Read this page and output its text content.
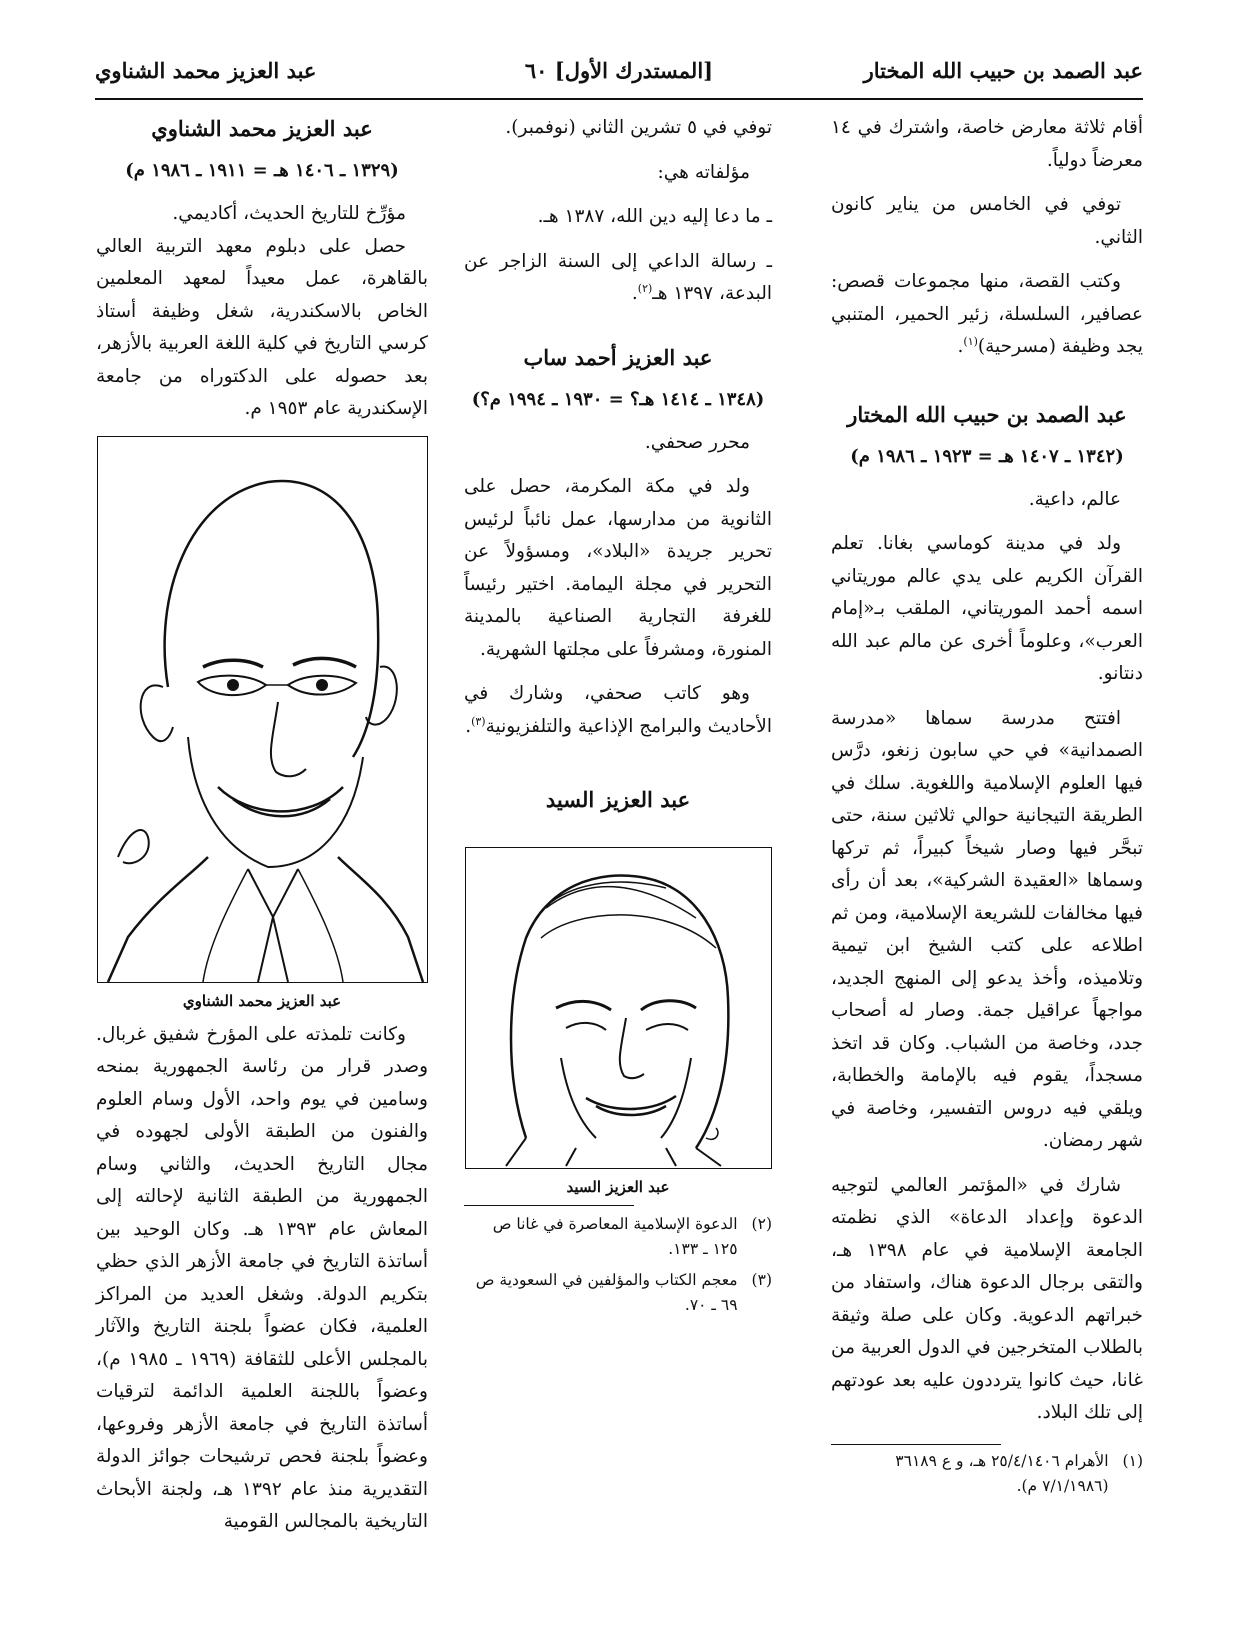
عبد الصمد بن حبيب الله المختار
[المستدرك الأول] ٦٠
عبد العزيز محمد الشناوي

أقام ثلاثة معارض خاصة، واشترك في ١٤ معرضاً دولياً.

توفي في الخامس من يناير كانون الثاني.

وكتب القصة، منها مجموعات قصص: عصافير، السلسلة، زئير الحمير، المتنبي يجد وظيفة (مسرحية)$^{(١)}$.

عبد الصمد بن حبيب الله المختار
(١٣٤٢ ـ ١٤٠٧ هـ = ١٩٢٣ ـ ١٩٨٦ م)

عالم، داعية.

ولد في مدينة كوماسي بغانا. تعلم القرآن الكريم على يدي عالم موريتاني اسمه أحمد الموريتاني، الملقب بـ«إمام العرب»، وعلوماً أخرى عن مالم عبد الله دنتانو.

افتتح مدرسة سماها «مدرسة الصمدانية» في حي سابون زنغو، درَّس فيها العلوم الإسلامية واللغوية. سلك في الطريقة التيجانية حوالي ثلاثين سنة، حتى تبحَّر فيها وصار شيخاً كبيراً، ثم تركها وسماها «العقيدة الشركية»، بعد أن رأى فيها مخالفات للشريعة الإسلامية، ومن ثم اطلاعه على كتب الشيخ ابن تيمية وتلاميذه، وأخذ يدعو إلى المنهج الجديد، مواجهاً عراقيل جمة. وصار له أصحاب جدد، وخاصة من الشباب. وكان قد اتخذ مسجداً، يقوم فيه بالإمامة والخطابة، ويلقي فيه دروس التفسير، وخاصة في شهر رمضان.

شارك في «المؤتمر العالمي لتوجيه الدعوة وإعداد الدعاة» الذي نظمته الجامعة الإسلامية في عام ١٣٩٨ هـ، والتقى برجال الدعوة هناك، واستفاد من خبراتهم الدعوية. وكان على صلة وثيقة بالطلاب المتخرجين في الدول العربية من غانا، حيث كانوا يترددون عليه بعد عودتهم إلى تلك البلاد.

(١)
الأهرام ٢٥/٤/١٤٠٦ هـ، و ع ٣٦١٨٩ (٧/١/١٩٨٦ م).

توفي في ٥ تشرين الثاني (نوفمبر).

مؤلفاته هي:

ـ ما دعا إليه دين الله، ١٣٨٧ هـ.

ـ رسالة الداعي إلى السنة الزاجر عن البدعة، ١٣٩٧ هـ$^{(٢)}$.

عبد العزيز أحمد ساب
(١٣٤٨ ـ ١٤١٤ هـ؟ = ١٩٣٠ ـ ١٩٩٤ م؟)

محرر صحفي.

ولد في مكة المكرمة، حصل على الثانوية من مدارسها، عمل نائباً لرئيس تحرير جريدة «البلاد»، ومسؤولاً عن التحرير في مجلة اليمامة. اختير رئيساً للغرفة التجارية الصناعية بالمدينة المنورة، ومشرفاً على مجلتها الشهرية.

وهو كاتب صحفي، وشارك في الأحاديث والبرامج الإذاعية والتلفزيونية$^{(٣)}$.

عبد العزيز السيد
عبد العزيز السيد
(٢)
الدعوة الإسلامية المعاصرة في غانا ص ١٢٥ ـ ١٣٣.
(٣)
معجم الكتاب والمؤلفين في السعودية ص ٦٩ ـ ٧٠.
عبد العزيز محمد الشناوي
(١٣٢٩ ـ ١٤٠٦ هـ = ١٩١١ ـ ١٩٨٦ م)

مؤرِّخ للتاريخ الحديث، أكاديمي.

حصل على دبلوم معهد التربية العالي بالقاهرة، عمل معيداً لمعهد المعلمين الخاص بالاسكندرية، شغل وظيفة أستاذ كرسي التاريخ في كلية اللغة العربية بالأزهر، بعد حصوله على الدكتوراه من جامعة الإسكندرية عام ١٩٥٣ م.

عبد العزيز محمد الشناوي

وكانت تلمذته على المؤرخ شفيق غربال. وصدر قرار من رئاسة الجمهورية بمنحه وسامين في يوم واحد، الأول وسام العلوم والفنون من الطبقة الأولى لجهوده في مجال التاريخ الحديث، والثاني وسام الجمهورية من الطبقة الثانية لإحالته إلى المعاش عام ١٣٩٣ هـ. وكان الوحيد بين أساتذة التاريخ في جامعة الأزهر الذي حظي بتكريم الدولة. وشغل العديد من المراكز العلمية، فكان عضواً بلجنة التاريخ والآثار بالمجلس الأعلى للثقافة (١٩٦٩ ـ ١٩٨٥ م)، وعضواً باللجنة العلمية الدائمة لترقيات أساتذة التاريخ في جامعة الأزهر وفروعها، وعضواً بلجنة فحص ترشيحات جوائز الدولة التقديرية منذ عام ١٣٩٢ هـ، ولجنة الأبحاث التاريخية بالمجالس القومية
